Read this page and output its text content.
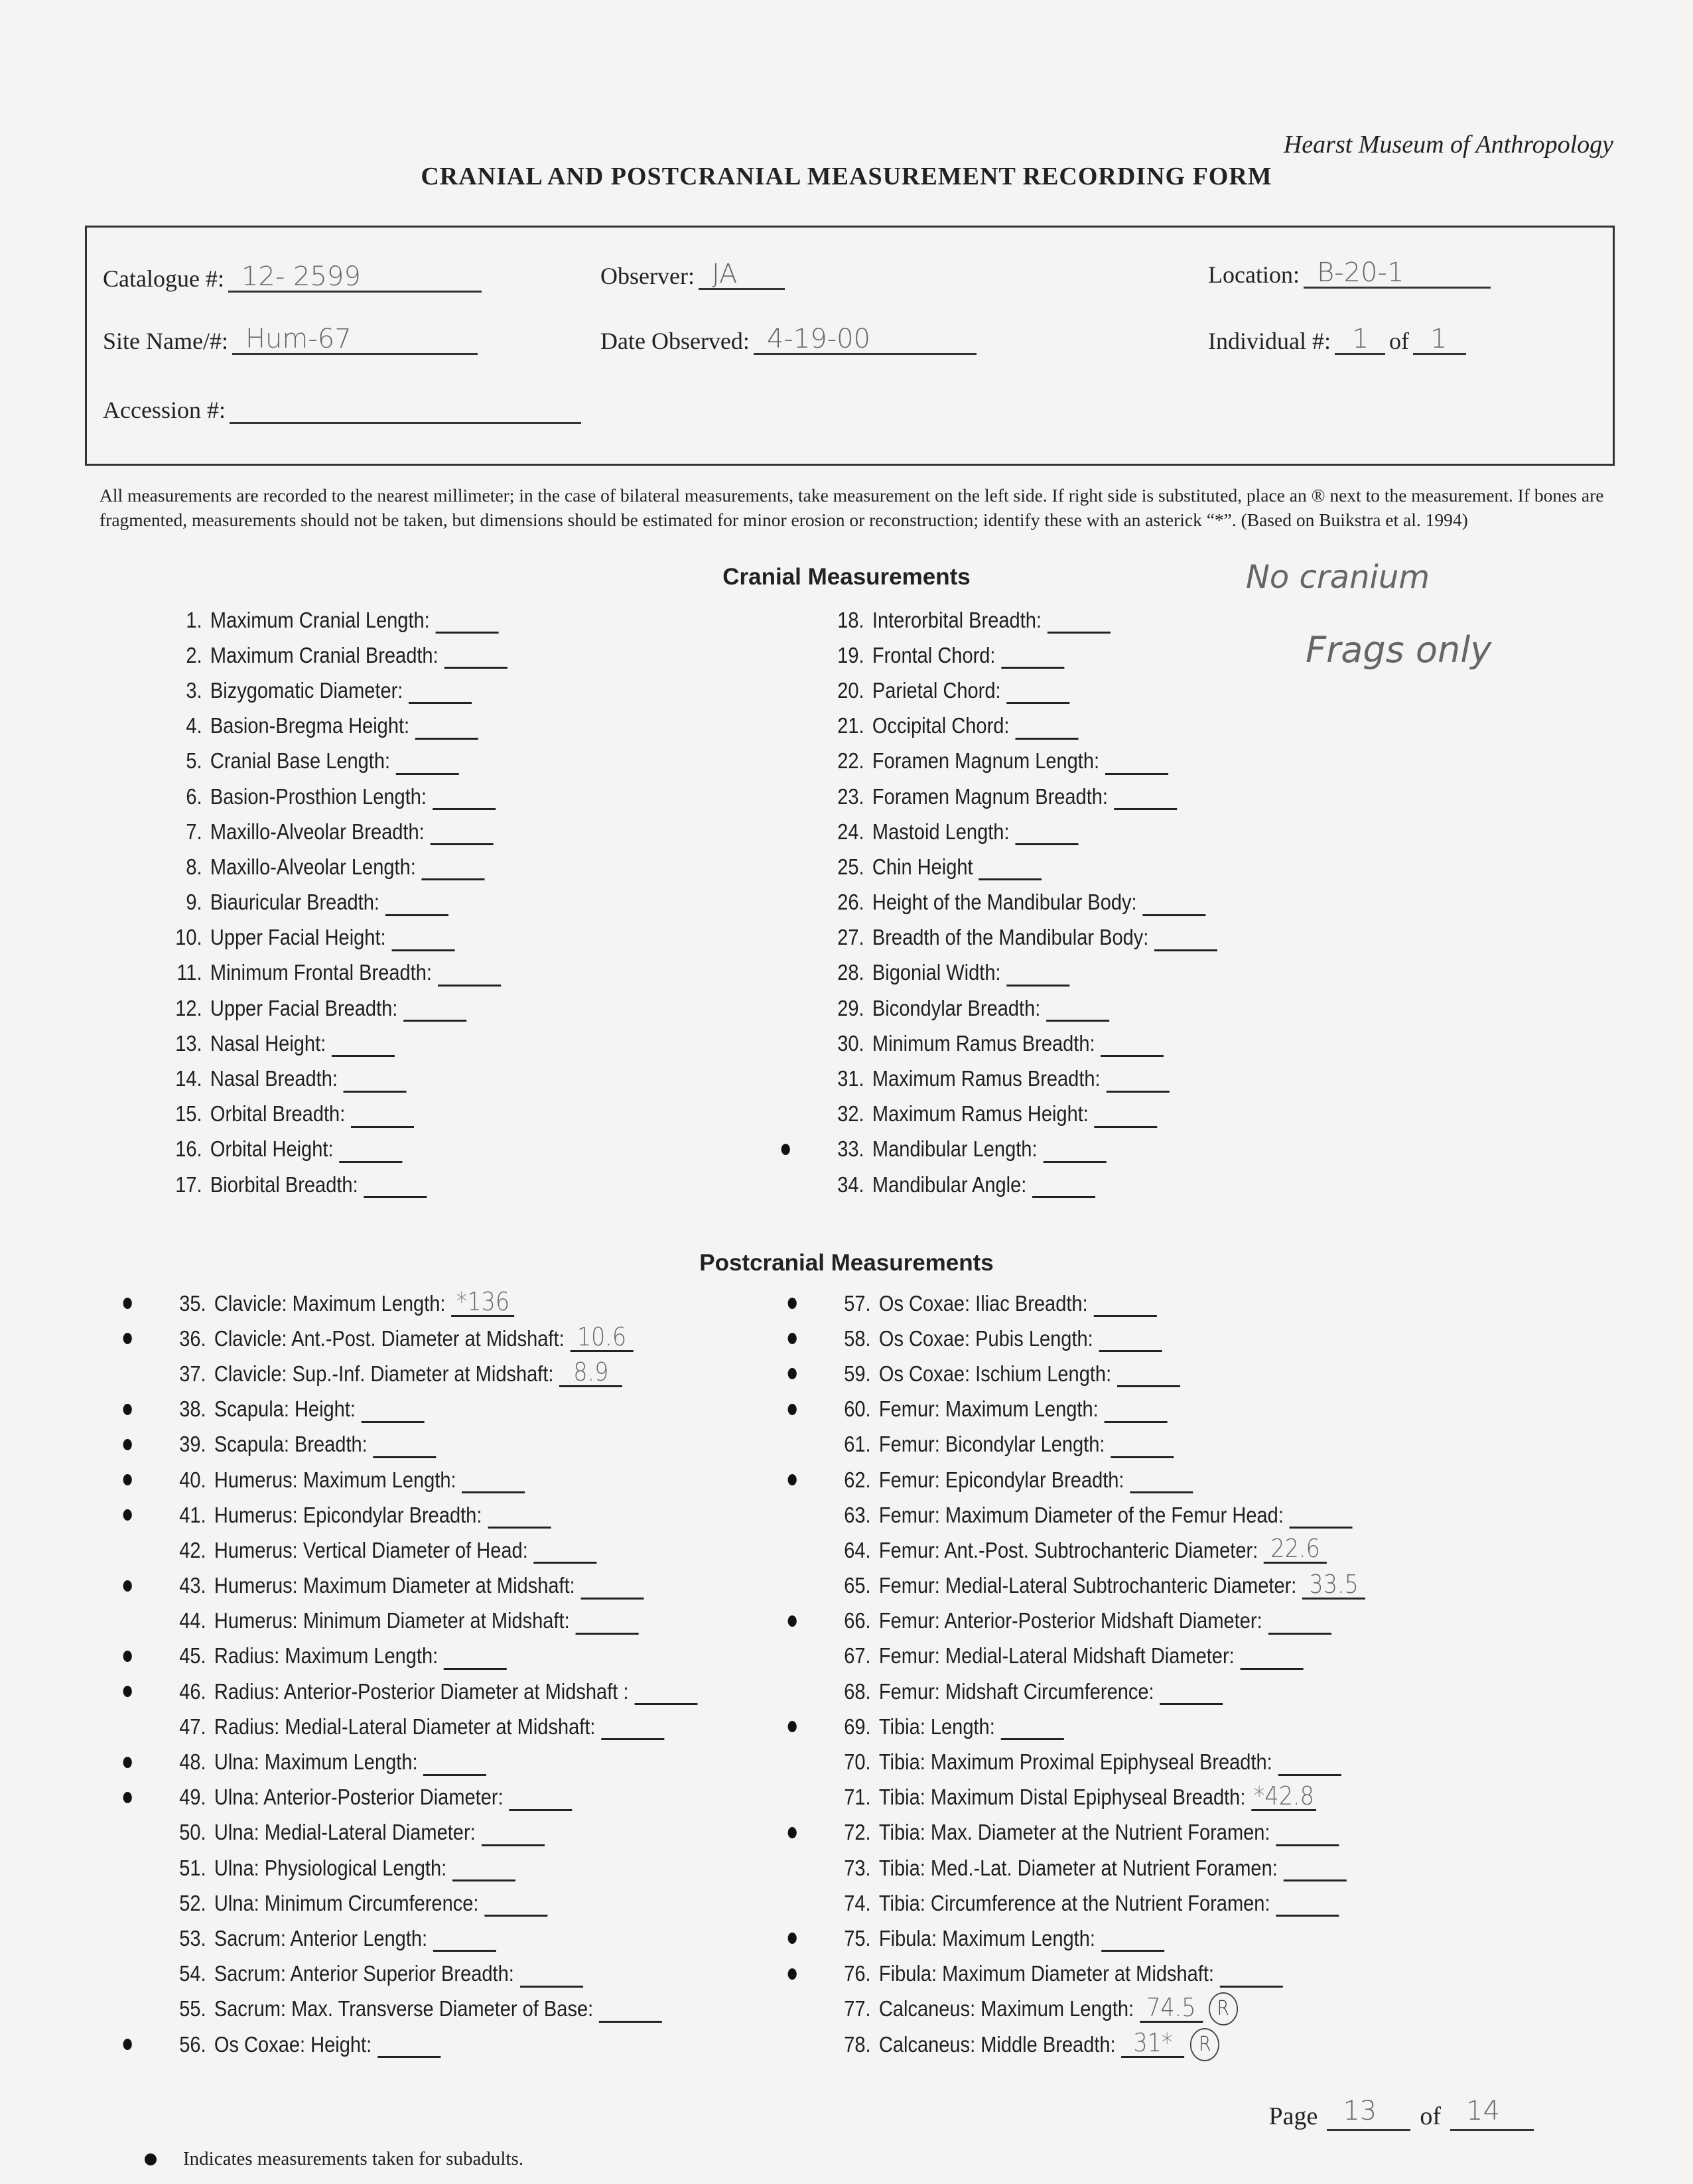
Hearst Museum of Anthropology
CRANIAL AND POSTCRANIAL MEASUREMENT RECORDING FORM
Catalogue #: 12- 2599	Observer: JA	Location: B-20-1
Site Name/#: Hum-67	Date Observed: 4-19-00	Individual #: 1 of 1
Accession #:
All measurements are recorded to the nearest millimeter; in the case of bilateral measurements, take measurement on the left side. If right side is substituted, place an ® next to the measurement. If bones are fragmented, measurements should not be taken, but dimensions should be estimated for minor erosion or reconstruction; identify these with an asterick “*”. (Based on Buikstra et al. 1994)
Cranial Measurements	No cranium
Frags only
1. Maximum Cranial Length:
2. Maximum Cranial Breadth:
3. Bizygomatic Diameter:
4. Basion-Bregma Height:
5. Cranial Base Length:
6. Basion-Prosthion Length:
7. Maxillo-Alveolar Breadth:
8. Maxillo-Alveolar Length:
9. Biauricular Breadth:
10. Upper Facial Height:
11. Minimum Frontal Breadth:
12. Upper Facial Breadth:
13. Nasal Height:
14. Nasal Breadth:
15. Orbital Breadth:
16. Orbital Height:
17. Biorbital Breadth:
18. Interorbital Breadth:
19. Frontal Chord:
20. Parietal Chord:
21. Occipital Chord:
22. Foramen Magnum Length:
23. Foramen Magnum Breadth:
24. Mastoid Length:
25. Chin Height
26. Height of the Mandibular Body:
27. Breadth of the Mandibular Body:
28. Bigonial Width:
29. Bicondylar Breadth:
30. Minimum Ramus Breadth:
31. Maximum Ramus Breadth:
32. Maximum Ramus Height:
33. Mandibular Length:
34. Mandibular Angle:
Postcranial Measurements
35. Clavicle: Maximum Length: *136
36. Clavicle: Ant.-Post. Diameter at Midshaft: 10.6
37. Clavicle: Sup.-Inf. Diameter at Midshaft: 8.9
38. Scapula: Height:
39. Scapula: Breadth:
40. Humerus: Maximum Length:
41. Humerus: Epicondylar Breadth:
42. Humerus: Vertical Diameter of Head:
43. Humerus: Maximum Diameter at Midshaft:
44. Humerus: Minimum Diameter at Midshaft:
45. Radius: Maximum Length:
46. Radius: Anterior-Posterior Diameter at Midshaft :
47. Radius: Medial-Lateral Diameter at Midshaft:
48. Ulna: Maximum Length:
49. Ulna: Anterior-Posterior Diameter:
50. Ulna: Medial-Lateral Diameter:
51. Ulna: Physiological Length:
52. Ulna: Minimum Circumference:
53. Sacrum: Anterior Length:
54. Sacrum: Anterior Superior Breadth:
55. Sacrum: Max. Transverse Diameter of Base:
56. Os Coxae: Height:
57. Os Coxae: Iliac Breadth:
58. Os Coxae: Pubis Length:
59. Os Coxae: Ischium Length:
60. Femur: Maximum Length:
61. Femur: Bicondylar Length:
62. Femur: Epicondylar Breadth:
63. Femur: Maximum Diameter of the Femur Head:
64. Femur: Ant.-Post. Subtrochanteric Diameter: 22.6
65. Femur: Medial-Lateral Subtrochanteric Diameter: 33.5
66. Femur: Anterior-Posterior Midshaft Diameter:
67. Femur: Medial-Lateral Midshaft Diameter:
68. Femur: Midshaft Circumference:
69. Tibia: Length:
70. Tibia: Maximum Proximal Epiphyseal Breadth:
71. Tibia: Maximum Distal Epiphyseal Breadth: *42.8
72. Tibia: Max. Diameter at the Nutrient Foramen:
73. Tibia: Med.-Lat. Diameter at Nutrient Foramen:
74. Tibia: Circumference at the Nutrient Foramen:
75. Fibula: Maximum Length:
76. Fibula: Maximum Diameter at Midshaft:
77. Calcaneus: Maximum Length: 74.5	R
78. Calcaneus: Middle Breadth: 31*	R
Page 13	of 14
Indicates measurements taken for subadults.
